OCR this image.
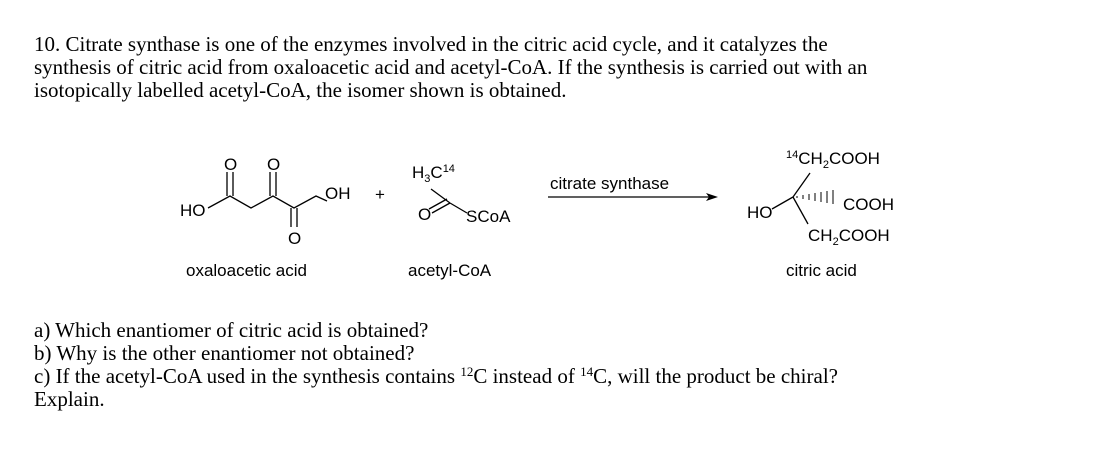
10. Citrate synthase is one of the enzymes involved in the citric acid cycle, and it catalyzes the
synthesis of citric acid from oxaloacetic acid and acetyl-CoA. If the synthesis is carried out with an
isotopically labelled acetyl-CoA, the isomer shown is obtained.
HO
OH
O O
O
oxaloacetic acid
+
$H_3C^{14}$
O SCoA
acetyl-CoA
citrate synthase
$^{14}CH_2COOH$
HO	COOH
$CH_2COOH$
citric acid
a) Which enantiomer of citric acid is obtained?
b) Why is the other enantiomer not obtained?
c) If the acetyl-CoA used in the synthesis contains $^{12}$C instead of $^{14}$C, will the product be chiral?
Explain.
